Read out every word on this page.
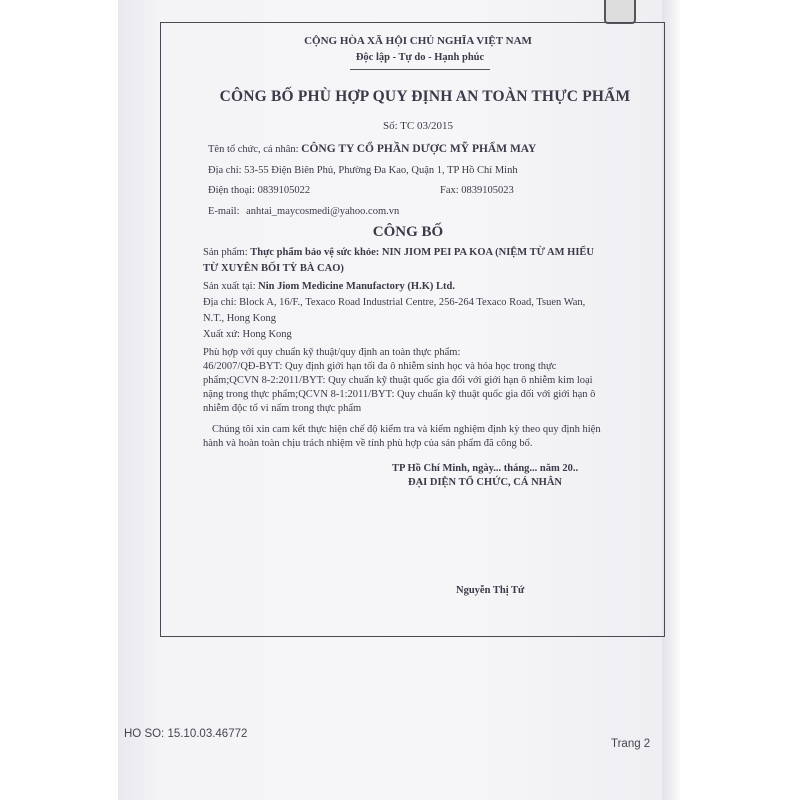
CỘNG HÒA XÃ HỘI CHỦ NGHĨA VIỆT NAM
Độc lập - Tự do - Hạnh phúc
CÔNG BỐ PHÙ HỢP QUY ĐỊNH AN TOÀN THỰC PHẨM
Số: TC 03/2015
Tên tổ chức, cá nhân: CÔNG TY CỔ PHẦN DƯỢC MỸ PHẨM MAY
Địa chỉ: 53-55 Điện Biên Phủ, Phường Đa Kao, Quận 1, TP Hồ Chí Minh
Điện thoại: 0839105022	Fax: 0839105023
E-mail: anhtai_maycosmedi@yahoo.com.vn
CÔNG BỐ
Sản phẩm: Thực phẩm bảo vệ sức khỏe: NIN JIOM PEI PA KOA (NIỆM TỪ AM HIỂU
TỪ XUYÊN BỐI TỲ BÀ CAO)
Sản xuất tại: Nin Jiom Medicine Manufactory (H.K) Ltd.
Địa chỉ: Block A, 16/F., Texaco Road Industrial Centre, 256-264 Texaco Road, Tsuen Wan,
N.T., Hong Kong
Xuất xứ: Hong Kong
Phù hợp với quy chuẩn kỹ thuật/quy định an toàn thực phẩm:
46/2007/QĐ-BYT: Quy định giới hạn tối đa ô nhiễm sinh học và hóa học trong thực
phẩm;QCVN 8-2:2011/BYT: Quy chuẩn kỹ thuật quốc gia đối với giới hạn ô nhiễm kim loại
nặng trong thực phẩm;QCVN 8-1:2011/BYT: Quy chuẩn kỹ thuật quốc gia đối với giới hạn ô
nhiễm độc tố vi nấm trong thực phẩm
Chúng tôi xin cam kết thực hiện chế độ kiểm tra và kiểm nghiệm định kỳ theo quy định hiện
hành và hoàn toàn chịu trách nhiệm về tính phù hợp của sản phẩm đã công bố.
TP Hồ Chí Minh, ngày... tháng... năm 20..
ĐẠI DIỆN TỔ CHỨC, CÁ NHÂN
Nguyễn Thị Tứ
HO SO: 15.10.03.46772
Trang 2
